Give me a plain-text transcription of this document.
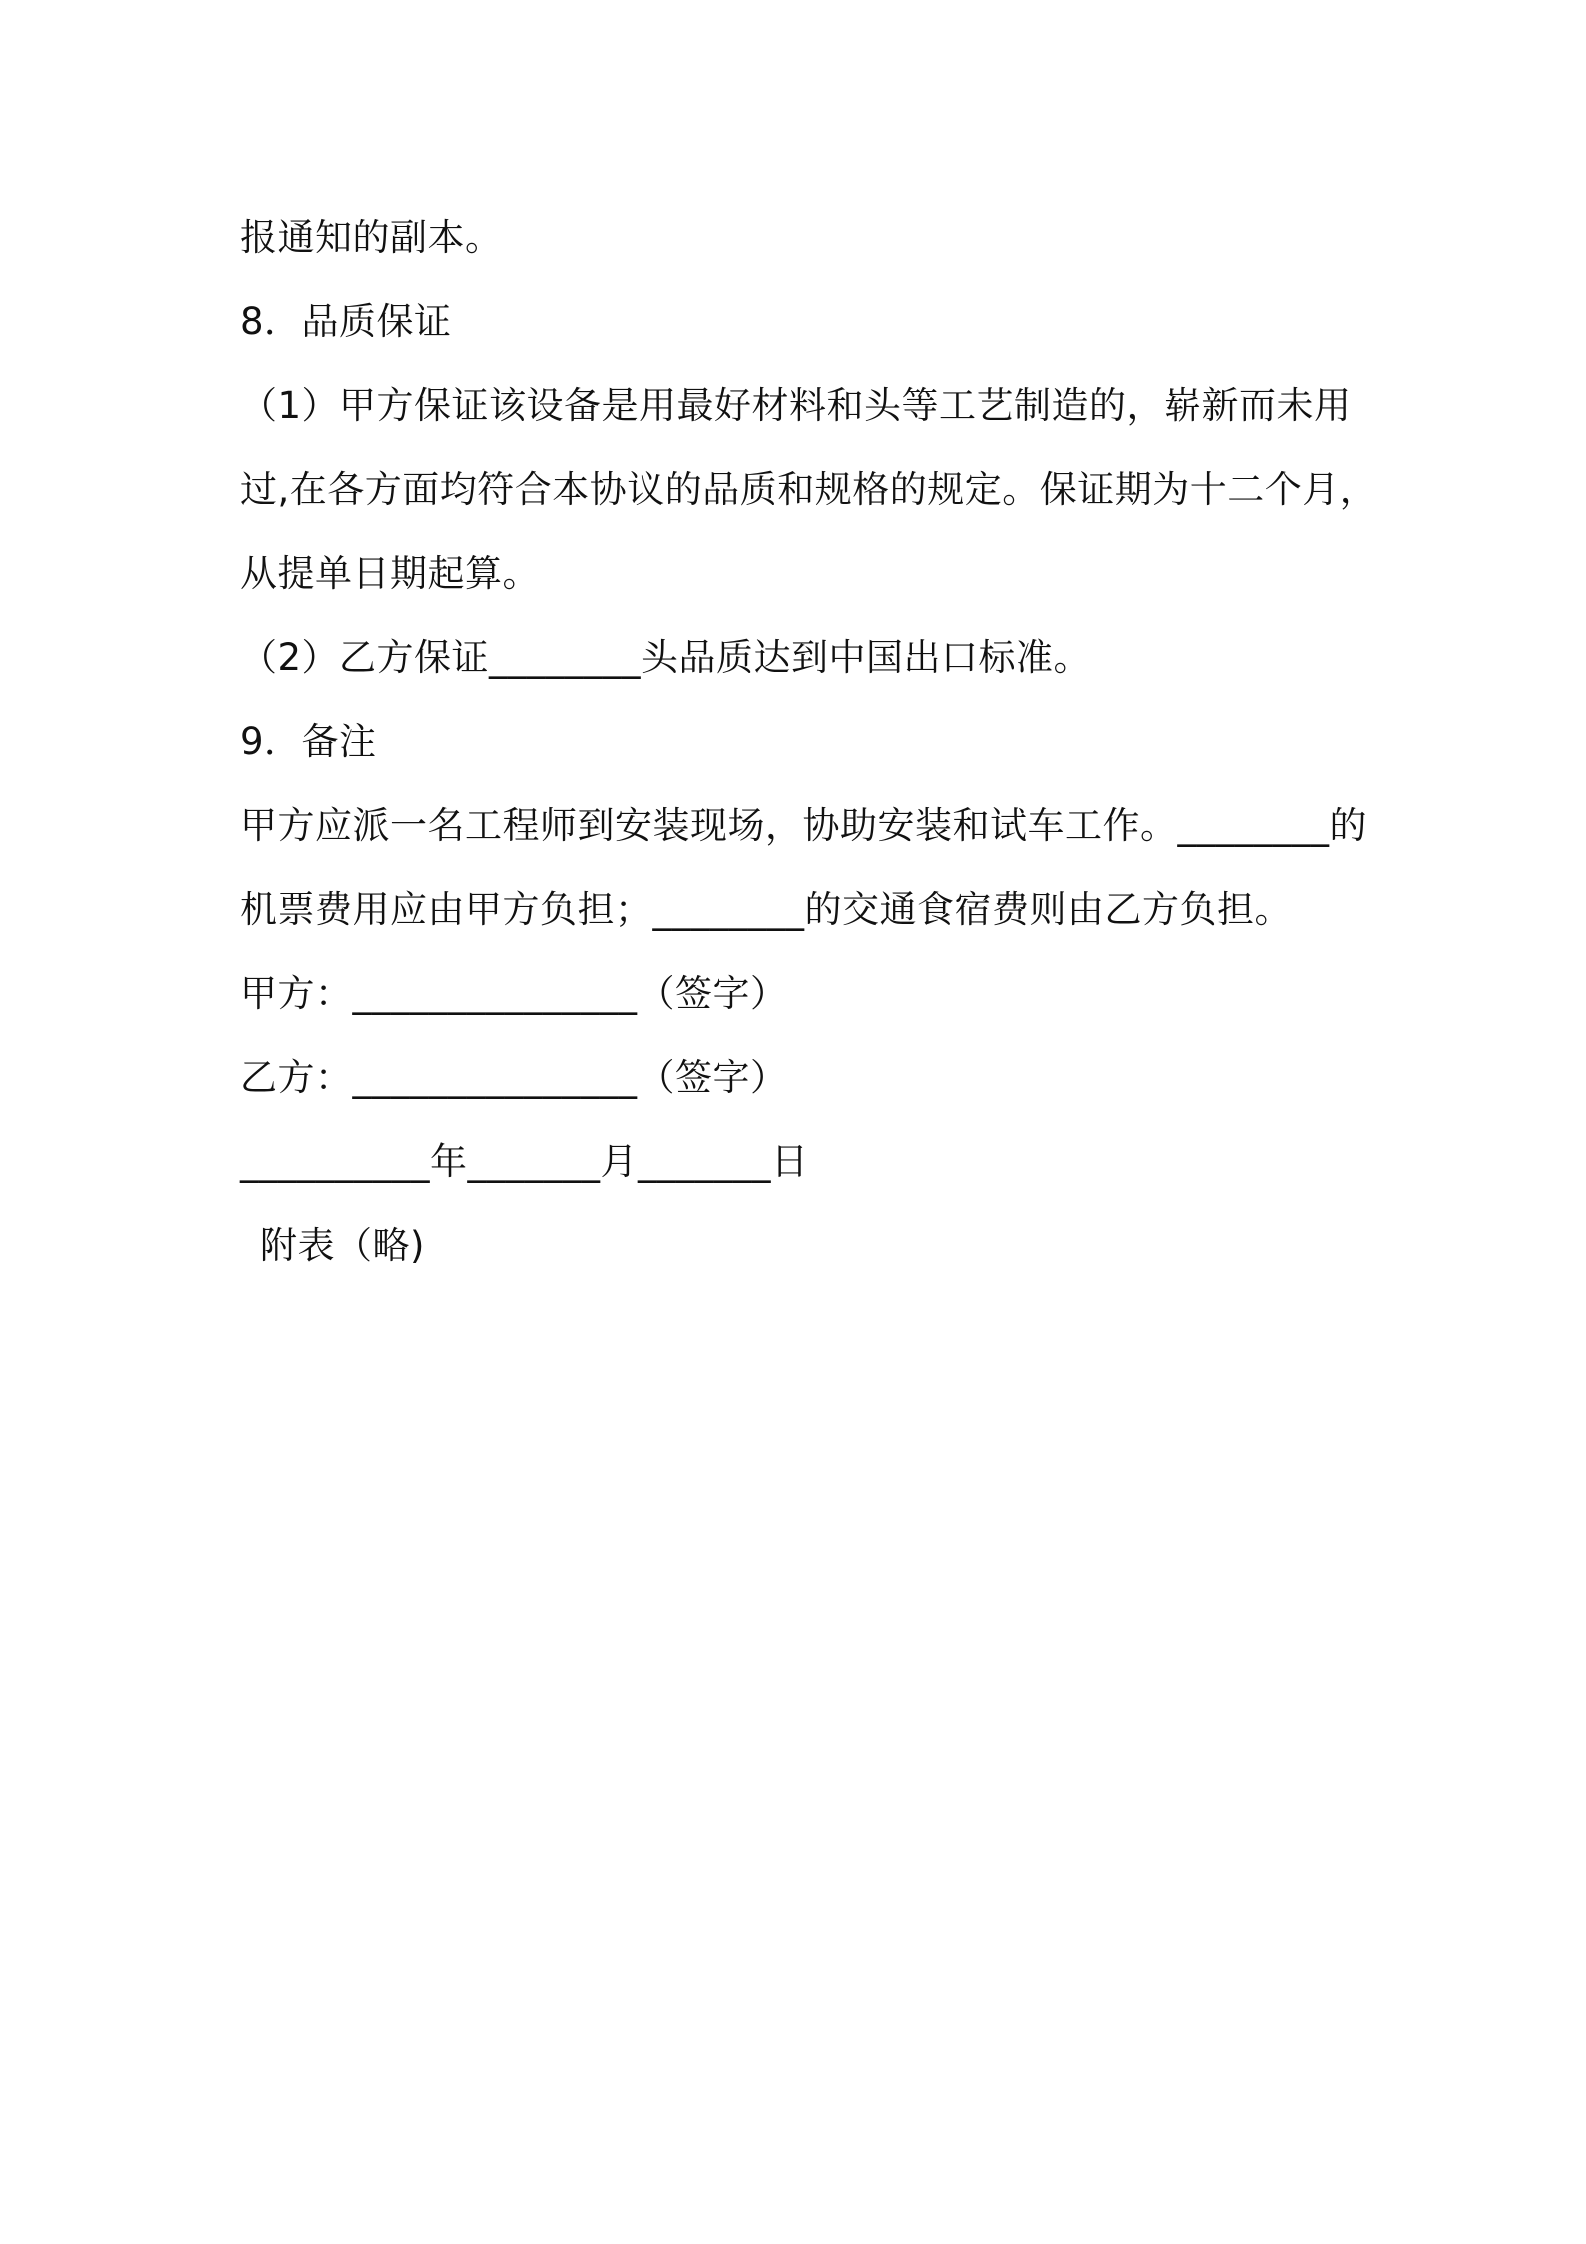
报通知的副本。
8．品质保证
（1）甲方保证该设备是用最好材料和头等工艺制造的，崭新而未用
过,在各方面均符合本协议的品质和规格的规定。保证期为十二个月，
从提单日期起算。
（2）乙方保证________头品质达到中国出口标准。
9．备注
甲方应派一名工程师到安装现场，协助安装和试车工作。________的
机票费用应由甲方负担；________的交通食宿费则由乙方负担。
甲方：_______________（签字）
乙方：_______________（签字）
__________年_______月_______日
附表（略)
